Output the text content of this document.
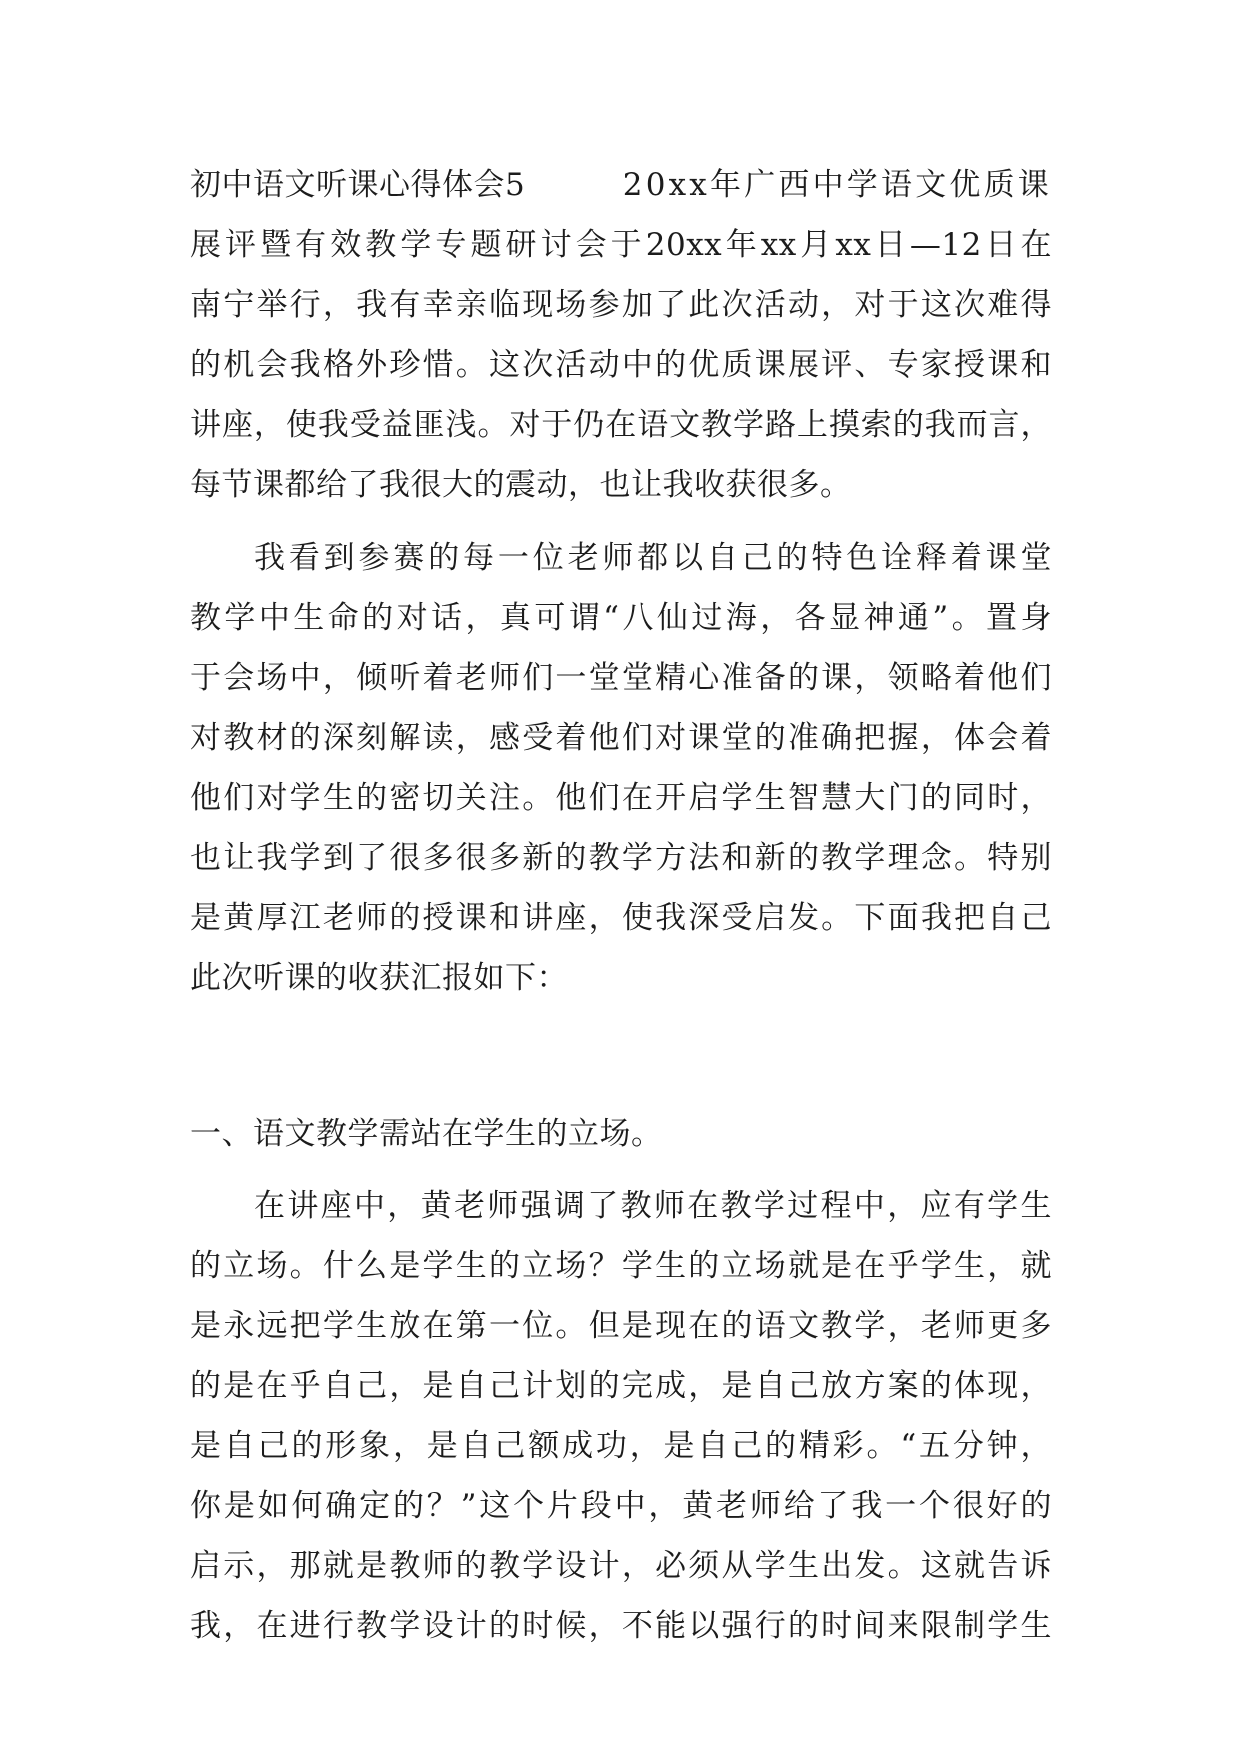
初中语文听课心得体会5	20xx年广西中学语文优质课
展评暨有效教学专题研讨会于20xx年xx月xx日—12日在
南宁举行，我有幸亲临现场参加了此次活动，对于这次难得
的机会我格外珍惜。这次活动中的优质课展评、专家授课和
讲座，使我受益匪浅。对于仍在语文教学路上摸索的我而言，
每节课都给了我很大的震动，也让我收获很多。
我看到参赛的每一位老师都以自己的特色诠释着课堂
教学中生命的对话，真可谓“八仙过海，各显神通”。置身
于会场中，倾听着老师们一堂堂精心准备的课，领略着他们
对教材的深刻解读，感受着他们对课堂的准确把握，体会着
他们对学生的密切关注。他们在开启学生智慧大门的同时，
也让我学到了很多很多新的教学方法和新的教学理念。特别
是黄厚江老师的授课和讲座，使我深受启发。下面我把自己
此次听课的收获汇报如下：
一、语文教学需站在学生的立场。
在讲座中，黄老师强调了教师在教学过程中，应有学生
的立场。什么是学生的立场？学生的立场就是在乎学生，就
是永远把学生放在第一位。但是现在的语文教学，老师更多
的是在乎自己，是自己计划的完成，是自己放方案的体现，
是自己的形象，是自己额成功，是自己的精彩。“五分钟，
你是如何确定的？”这个片段中，黄老师给了我一个很好的
启示，那就是教师的教学设计，必须从学生出发。这就告诉
我，在进行教学设计的时候，不能以强行的时间来限制学生
